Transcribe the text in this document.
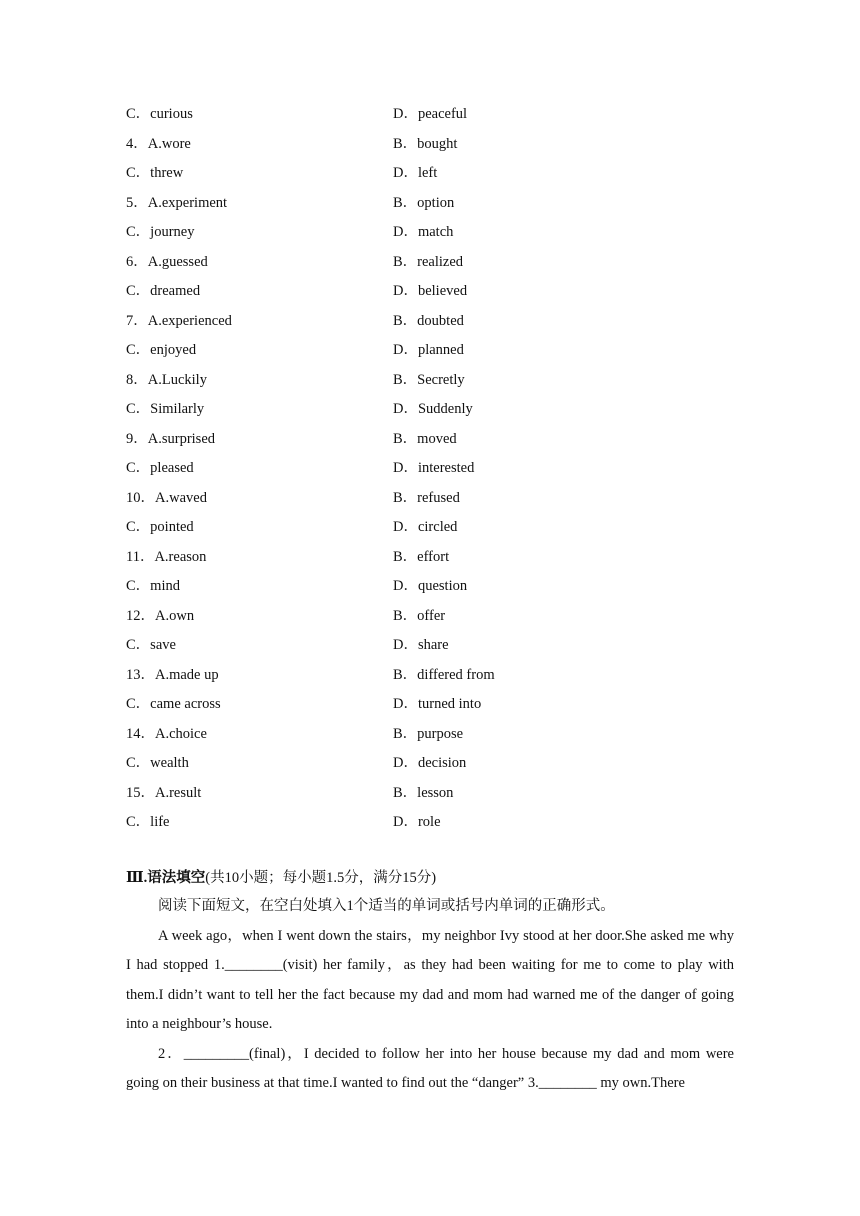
C．curious	D．peaceful
4．A.wore	B．bought
C．threw	D．left
5．A.experiment	B．option
C．journey	D．match
6．A.guessed	B．realized
C．dreamed	D．believed
7．A.experienced	B．doubted
C．enjoyed	D．planned
8．A.Luckily	B．Secretly
C．Similarly	D．Suddenly
9．A.surprised	B．moved
C．pleased	D．interested
10．A.waved	B．refused
C．pointed	D．circled
11．A.reason	B．effort
C．mind	D．question
12．A.own	B．offer
C．save	D．share
13．A.made up	B．differed from
C．came across	D．turned into
14．A.choice	B．purpose
C．wealth	D．decision
15．A.result	B．lesson
C．life	D．role

Ⅲ.语法填空(共10小题；每小题1.5分，满分15分)

阅读下面短文，在空白处填入1个适当的单词或括号内单词的正确形式。

A week ago，when I went down the stairs，my neighbor Ivy stood at her door.She asked me why I had stopped 1.________(visit) her family，as they had been waiting for me to come to play with them.I didn’t want to tell her the fact because my dad and mom had warned me of the danger of going into a neighbour’s house.

2．_________(final)，I decided to follow her into her house because my dad and mom were going on their business at that time.I wanted to find out the “danger” 3.________ my own.There
